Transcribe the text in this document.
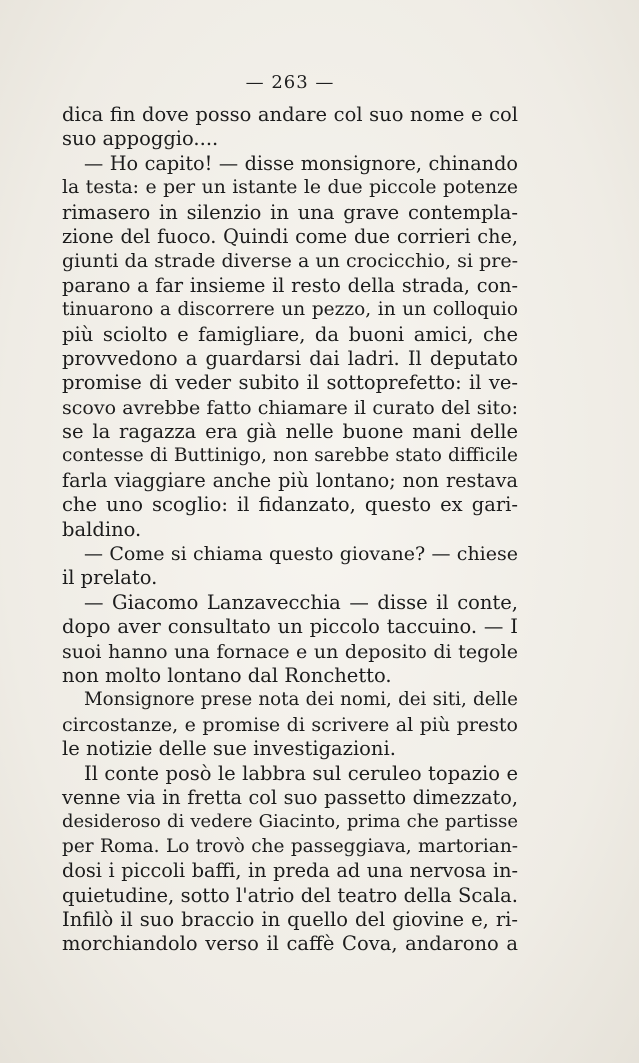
— 263 —
dica fin dove posso andare col suo nome e col
suo appoggio....
— Ho capito! — disse monsignore, chinando
la testa: e per un istante le due piccole potenze
rimasero in silenzio in una grave contempla-
zione del fuoco. Quindi come due corrieri che,
giunti da strade diverse a un crocicchio, si pre-
parano a far insieme il resto della strada, con-
tinuarono a discorrere un pezzo, in un colloquio
più sciolto e famigliare, da buoni amici, che
provvedono a guardarsi dai ladri. Il deputato
promise di veder subito il sottoprefetto: il ve-
scovo avrebbe fatto chiamare il curato del sito:
se la ragazza era già nelle buone mani delle
contesse di Buttinigo, non sarebbe stato difficile
farla viaggiare anche più lontano; non restava
che uno scoglio: il fidanzato, questo ex gari-
baldino.
— Come si chiama questo giovane? — chiese
il prelato.
— Giacomo Lanzavecchia — disse il conte,
dopo aver consultato un piccolo taccuino. — I
suoi hanno una fornace e un deposito di tegole
non molto lontano dal Ronchetto.
Monsignore prese nota dei nomi, dei siti, delle
circostanze, e promise di scrivere al più presto
le notizie delle sue investigazioni.
Il conte posò le labbra sul ceruleo topazio e
venne via in fretta col suo passetto dimezzato,
desideroso di vedere Giacinto, prima che partisse
per Roma. Lo trovò che passeggiava, martorian-
dosi i piccoli baffi, in preda ad una nervosa in-
quietudine, sotto l'atrio del teatro della Scala.
Infilò il suo braccio in quello del giovine e, ri-
morchiandolo verso il caffè Cova, andarono a
